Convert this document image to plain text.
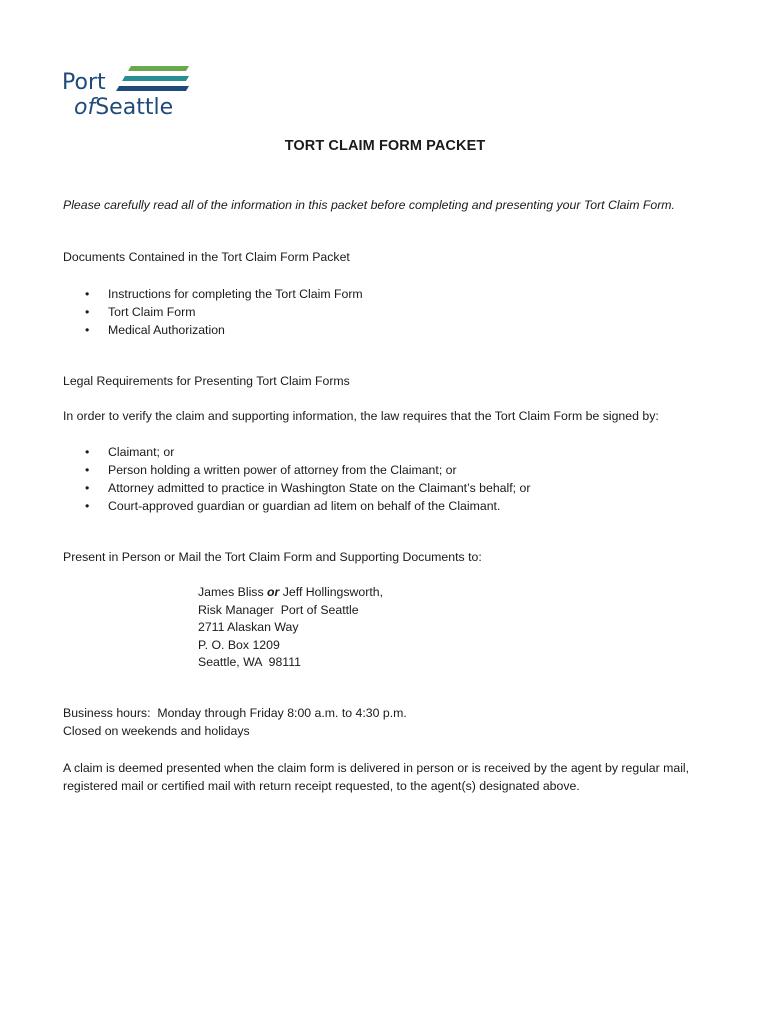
Port
ofSeattle
TORT CLAIM FORM PACKET
Please carefully read all of the information in this packet before completing and presenting your Tort Claim Form.
Documents Contained in the Tort Claim Form Packet
• Instructions for completing the Tort Claim Form
• Tort Claim Form
• Medical Authorization
Legal Requirements for Presenting Tort Claim Forms
In order to verify the claim and supporting information, the law requires that the Tort Claim Form be signed by:
• Claimant; or
• Person holding a written power of attorney from the Claimant; or
• Attorney admitted to practice in Washington State on the Claimant’s behalf; or
• Court-approved guardian or guardian ad litem on behalf of the Claimant.
Present in Person or Mail the Tort Claim Form and Supporting Documents to:
James Bliss or Jeff Hollingsworth,
Risk Manager  Port of Seattle
2711 Alaskan Way
P. O. Box 1209
Seattle, WA  98111
Business hours:  Monday through Friday 8:00 a.m. to 4:30 p.m.
Closed on weekends and holidays
A claim is deemed presented when the claim form is delivered in person or is received by the agent by regular mail, registered mail or certified mail with return receipt requested, to the agent(s) designated above.
